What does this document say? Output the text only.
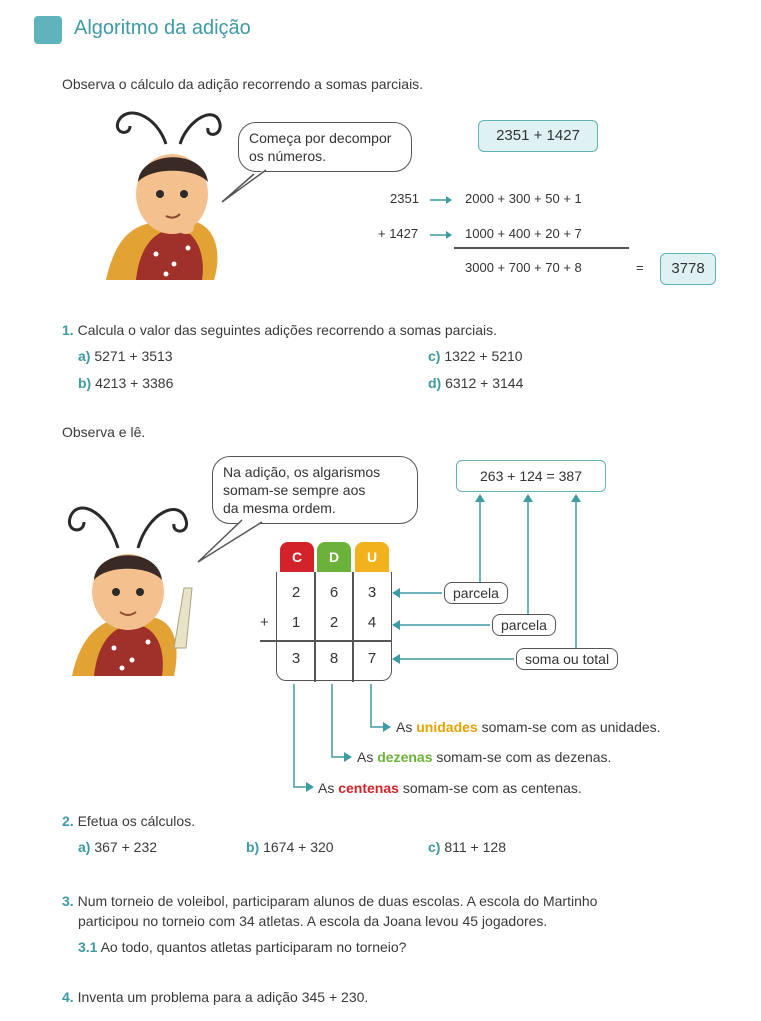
Algoritmo da adição
Observa o cálculo da adição recorrendo a somas parciais.
Começa por decompor
os números.
2351 + 1427
2351	2000 + 300 + 50 + 1
+ 1427	1000 + 400 + 20 + 7
3000 + 700 + 70 + 8	=	3778
1. Calcula o valor das seguintes adições recorrendo a somas parciais.
a) 5271 + 3513
b) 4213 + 3386
c) 1322 + 5210
d) 6312 + 3144
Observa e lê.
Na adição, os algarismos
somam-se sempre aos
da mesma ordem.
263 + 124 = 387
C	D	U
2	6	3
+	1	2	4
3	8	7
parcela
parcela
soma ou total
As unidades somam-se com as unidades.
As dezenas somam-se com as dezenas.
As centenas somam-se com as centenas.
2. Efetua os cálculos.
a) 367 + 232	b) 1674 + 320	c) 811 + 128
3. Num torneio de voleibol, participaram alunos de duas escolas. A escola do Martinho
participou no torneio com 34 atletas. A escola da Joana levou 45 jogadores.
3.1 Ao todo, quantos atletas participaram no torneio?
4. Inventa um problema para a adição 345 + 230.
